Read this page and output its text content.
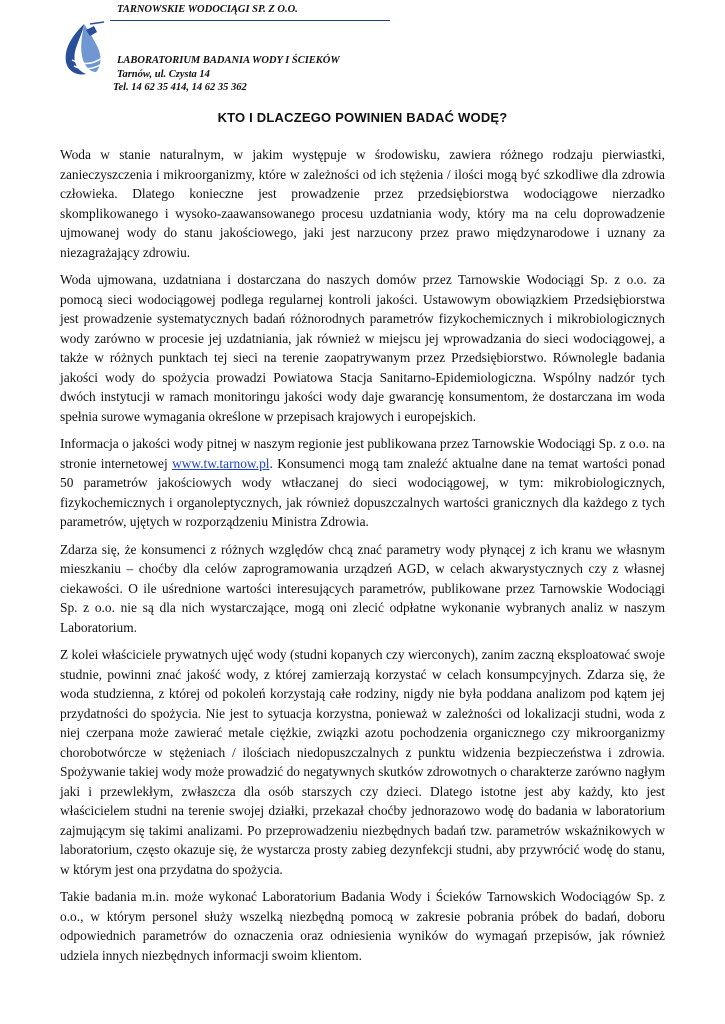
TARNOWSKIE WODOCIĄGI SP. Z O.O.
LABORATORIUM BADANIA WODY I ŚCIEKÓW
Tarnów, ul. Czysta 14
Tel. 14 62 35 414, 14 62 35 362
KTO I DLACZEGO POWINIEN BADAĆ WODĘ?

Woda w stanie naturalnym, w jakim występuje w środowisku, zawiera różnego rodzaju pierwiastki, zanieczyszczenia i mikroorganizmy, które w zależności od ich stężenia / ilości mogą być szkodliwe dla zdrowia człowieka. Dlatego konieczne jest prowadzenie przez przedsiębiorstwa wodociągowe nierzadko skomplikowanego i wysoko-zaawansowanego procesu uzdatniania wody, który ma na celu doprowadzenie ujmowanej wody do stanu jakościowego, jaki jest narzucony przez prawo międzynarodowe i uznany za niezagrażający zdrowiu.

Woda ujmowana, uzdatniana i dostarczana do naszych domów przez Tarnowskie Wodociągi Sp. z o.o. za pomocą sieci wodociągowej podlega regularnej kontroli jakości. Ustawowym obowiązkiem Przedsiębiorstwa jest prowadzenie systematycznych badań różnorodnych parametrów fizykochemicznych i mikrobiologicznych wody zarówno w procesie jej uzdatniania, jak również w miejscu jej wprowadzania do sieci wodociągowej, a także w różnych punktach tej sieci na terenie zaopatrywanym przez Przedsiębiorstwo. Równolegle badania jakości wody do spożycia prowadzi Powiatowa Stacja Sanitarno-Epidemiologiczna. Wspólny nadzór tych dwóch instytucji w ramach monitoringu jakości wody daje gwarancję konsumentom, że dostarczana im woda spełnia surowe wymagania określone w przepisach krajowych i europejskich.

Informacja o jakości wody pitnej w naszym regionie jest publikowana przez Tarnowskie Wodociągi Sp. z o.o. na stronie internetowej www.tw.tarnow.pl. Konsumenci mogą tam znaleźć aktualne dane na temat wartości ponad 50 parametrów jakościowych wody wtłaczanej do sieci wodociągowej, w tym: mikrobiologicznych, fizykochemicznych i organoleptycznych, jak również dopuszczalnych wartości granicznych dla każdego z tych parametrów, ujętych w rozporządzeniu Ministra Zdrowia.

Zdarza się, że konsumenci z różnych względów chcą znać parametry wody płynącej z ich kranu we własnym mieszkaniu – choćby dla celów zaprogramowania urządzeń AGD, w celach akwarystycznych czy z własnej ciekawości. O ile uśrednione wartości interesujących parametrów, publikowane przez Tarnowskie Wodociągi Sp. z o.o. nie są dla nich wystarczające, mogą oni zlecić odpłatne wykonanie wybranych analiz w naszym Laboratorium.

Z kolei właściciele prywatnych ujęć wody (studni kopanych czy wierconych), zanim zaczną eksploatować swoje studnie, powinni znać jakość wody, z której zamierzają korzystać w celach konsumpcyjnych. Zdarza się, że woda studzienna, z której od pokoleń korzystają całe rodziny, nigdy nie była poddana analizom pod kątem jej przydatności do spożycia. Nie jest to sytuacja korzystna, ponieważ w zależności od lokalizacji studni, woda z niej czerpana może zawierać metale ciężkie, związki azotu pochodzenia organicznego czy mikroorganizmy chorobotwórcze w stężeniach / ilościach niedopuszczalnych z punktu widzenia bezpieczeństwa i zdrowia. Spożywanie takiej wody może prowadzić do negatywnych skutków zdrowotnych o charakterze zarówno nagłym jaki i przewlekłym, zwłaszcza dla osób starszych czy dzieci. Dlatego istotne jest aby każdy, kto jest właścicielem studni na terenie swojej działki, przekazał choćby jednorazowo wodę do badania w laboratorium zajmującym się takimi analizami. Po przeprowadzeniu niezbędnych badań tzw. parametrów wskaźnikowych w laboratorium, często okazuje się, że wystarcza prosty zabieg dezynfekcji studni, aby przywrócić wodę do stanu, w którym jest ona przydatna do spożycia.

Takie badania m.in. może wykonać Laboratorium Badania Wody i Ścieków Tarnowskich Wodociągów Sp. z o.o., w którym personel służy wszelką niezbędną pomocą w zakresie pobrania próbek do badań, doboru odpowiednich parametrów do oznaczenia oraz odniesienia wyników do wymagań przepisów, jak również udziela innych niezbędnych informacji swoim klientom.
